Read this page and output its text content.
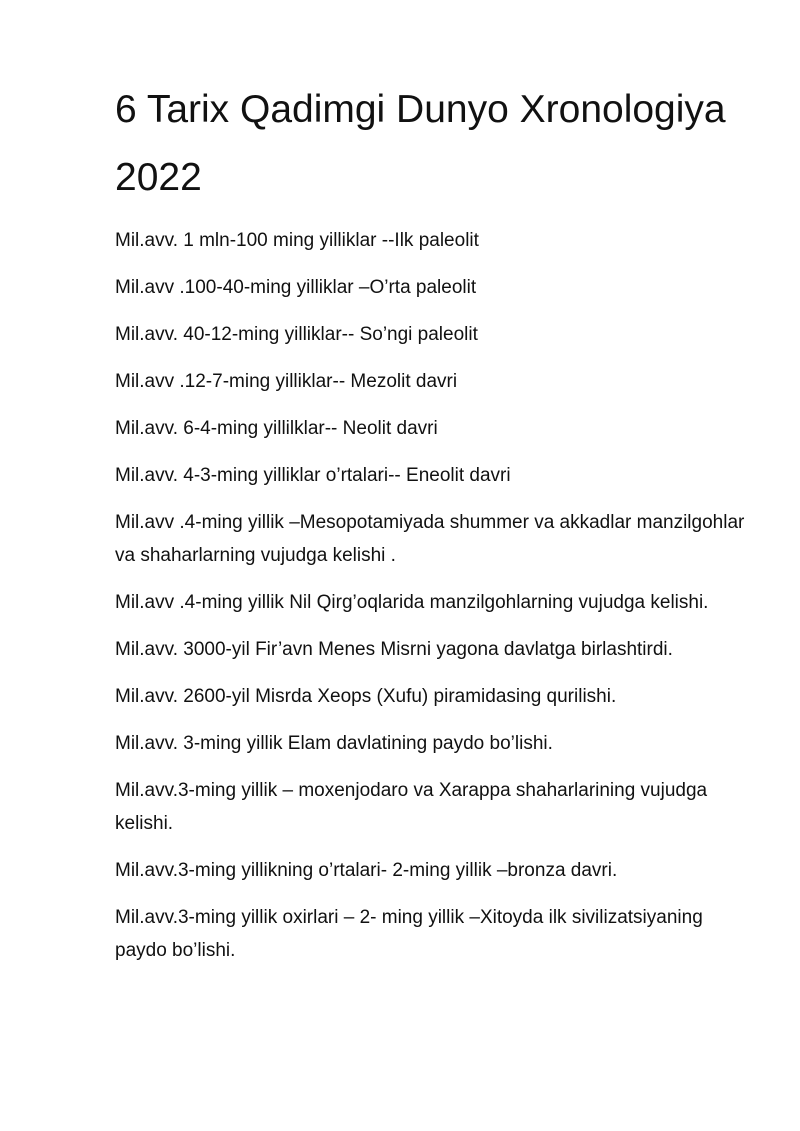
6 Tarix Qadimgi Dunyo Xronologiya 2022
Mil.avv. 1 mln-100 ming yilliklar --Ilk paleolit
Mil.avv .100-40-ming yilliklar –O’rta paleolit
Mil.avv. 40-12-ming yilliklar-- So’ngi paleolit
Mil.avv .12-7-ming yilliklar-- Mezolit davri
Mil.avv. 6-4-ming yillilklar-- Neolit davri
Mil.avv. 4-3-ming yilliklar o’rtalari-- Eneolit davri
Mil.avv .4-ming yillik –Mesopotamiyada shummer va akkadlar manzilgohlar va shaharlarning vujudga kelishi .
Mil.avv .4-ming yillik Nil Qirg’oqlarida manzilgohlarning vujudga kelishi.
Mil.avv. 3000-yil Fir’avn Menes Misrni yagona davlatga birlashtirdi.
Mil.avv. 2600-yil Misrda Xeops (Xufu) piramidasing qurilishi.
Mil.avv. 3-ming yillik Elam davlatining paydo bo’lishi.
Mil.avv.3-ming yillik – moxenjodaro va Xarappa shaharlarining vujudga kelishi.
Mil.avv.3-ming yillikning o’rtalari- 2-ming yillik –bronza davri.
Mil.avv.3-ming yillik oxirlari – 2- ming yillik –Xitoyda ilk sivilizatsiyaning paydo bo’lishi.
